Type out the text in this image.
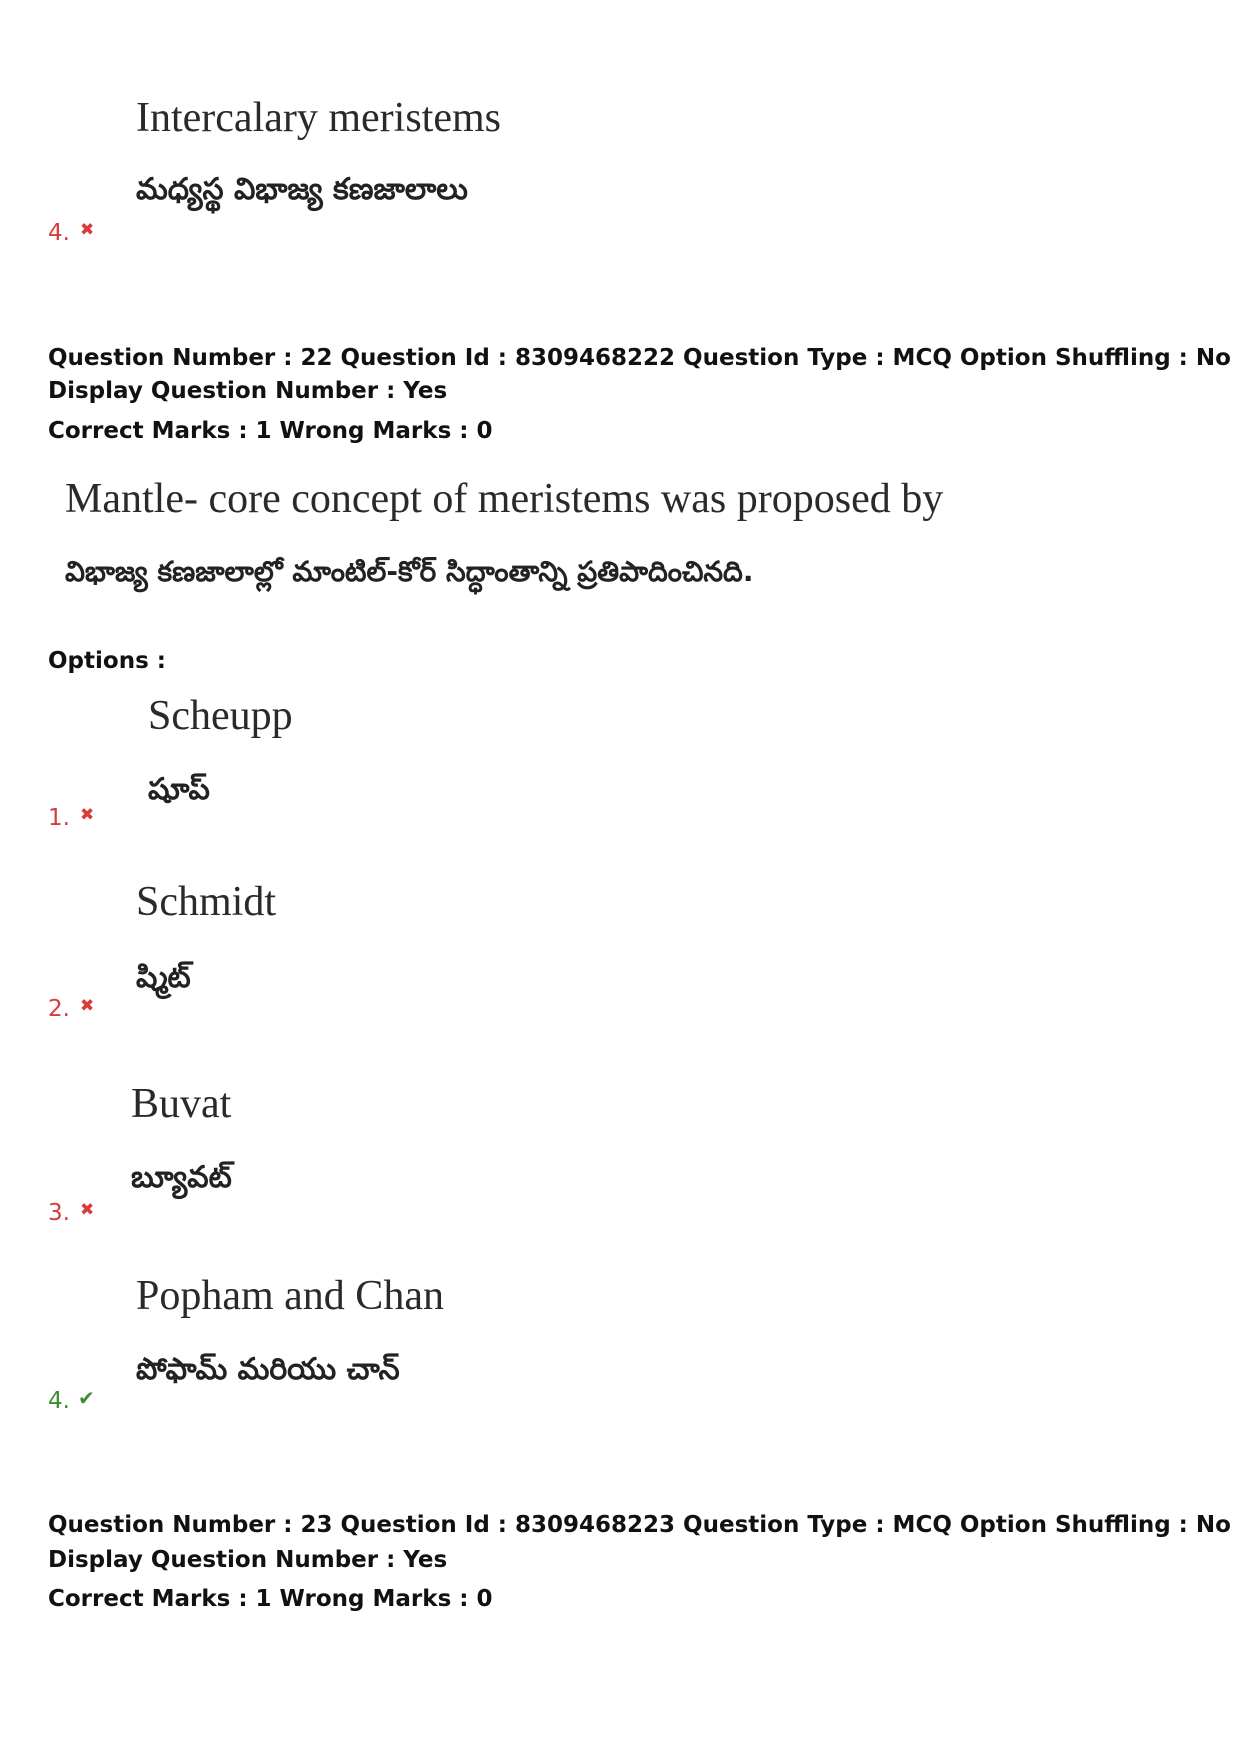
Intercalary meristems
మధ్యస్థ విభాజ్య కణజాలాలు
4. ✖
Question Number : 22 Question Id : 8309468222 Question Type : MCQ Option Shuffling : No
Display Question Number : Yes
Correct Marks : 1 Wrong Marks : 0
Mantle- core concept of meristems was proposed by
విభాజ్య కణజాలాల్లో మాంటిల్-కోర్ సిద్ధాంతాన్ని ప్రతిపాదించినది.
Options :
Scheupp
షూప్
1. ✖
Schmidt
ష్మిట్
2. ✖
Buvat
బ్యూవట్
3. ✖
Popham and Chan
పోఫామ్ మరియు చాన్
4. ✔
Question Number : 23 Question Id : 8309468223 Question Type : MCQ Option Shuffling : No
Display Question Number : Yes
Correct Marks : 1 Wrong Marks : 0
